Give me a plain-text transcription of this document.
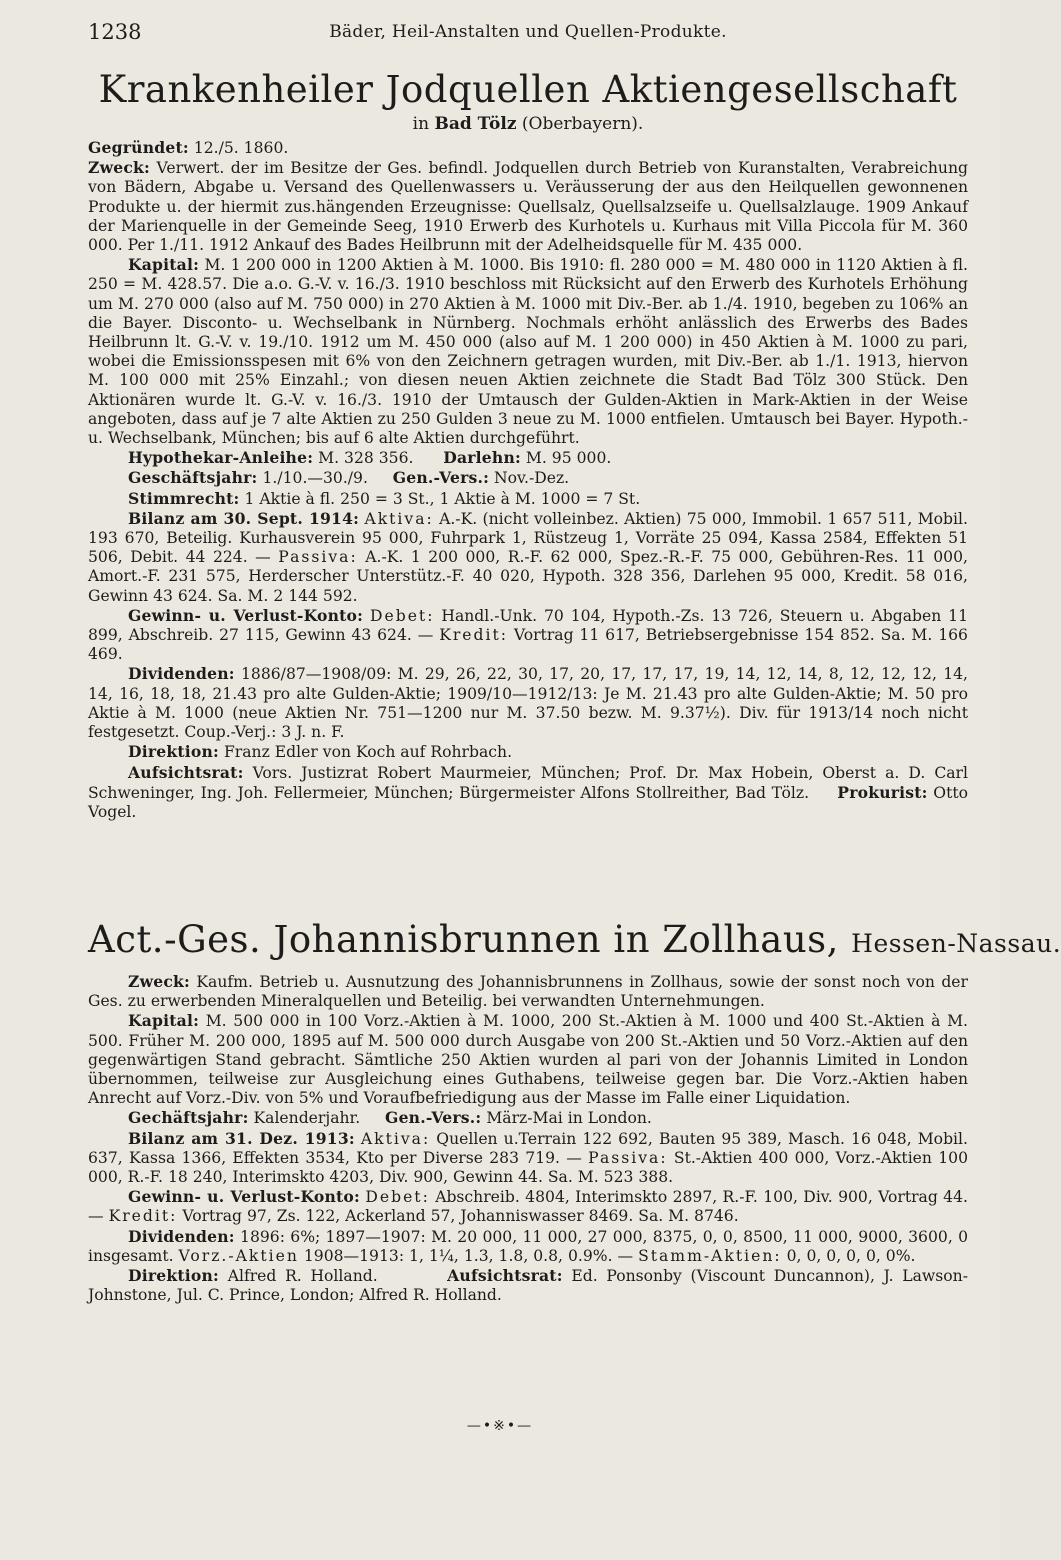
1238	Bäder, Heil-Anstalten und Quellen-Produkte.
Krankenheiler Jodquellen Aktiengesellschaft
in Bad Tölz (Oberbayern).

Gegründet: 12./5. 1860.

Zweck: Verwert. der im Besitze der Ges. befindl. Jodquellen durch Betrieb von Kuranstalten, Verabreichung von Bädern, Abgabe u. Versand des Quellenwassers u. Veräusserung der aus den Heilquellen gewonnenen Produkte u. der hiermit zus.hängenden Erzeugnisse: Quellsalz, Quellsalzseife u. Quellsalzlauge. 1909 Ankauf der Marienquelle in der Gemeinde Seeg, 1910 Erwerb des Kurhotels u. Kurhaus mit Villa Piccola für M. 360 000. Per 1./11. 1912 Ankauf des Bades Heilbrunn mit der Adelheidsquelle für M. 435 000.

Kapital: M. 1 200 000 in 1200 Aktien à M. 1000. Bis 1910: fl. 280 000 = M. 480 000 in 1120 Aktien à fl. 250 = M. 428.57. Die a.o. G.-V. v. 16./3. 1910 beschloss mit Rücksicht auf den Erwerb des Kurhotels Erhöhung um M. 270 000 (also auf M. 750 000) in 270 Aktien à M. 1000 mit Div.-Ber. ab 1./4. 1910, begeben zu 106% an die Bayer. Disconto- u. Wechselbank in Nürnberg. Nochmals erhöht anlässlich des Erwerbs des Bades Heilbrunn lt. G.-V. v. 19./10. 1912 um M. 450 000 (also auf M. 1 200 000) in 450 Aktien à M. 1000 zu pari, wobei die Emissionsspesen mit 6% von den Zeichnern getragen wurden, mit Div.-Ber. ab 1./1. 1913, hiervon M. 100 000 mit 25% Einzahl.; von diesen neuen Aktien zeichnete die Stadt Bad Tölz 300 Stück. Den Aktionären wurde lt. G.-V. v. 16./3. 1910 der Umtausch der Gulden-Aktien in Mark-Aktien in der Weise angeboten, dass auf je 7 alte Aktien zu 250 Gulden 3 neue zu M. 1000 entfielen. Umtausch bei Bayer. Hypoth.- u. Wechselbank, München; bis auf 6 alte Aktien durchgeführt.

Hypothekar-Anleihe: M. 328 356. Darlehn: M. 95 000.

Geschäftsjahr: 1./10.—30./9. Gen.-Vers.: Nov.-Dez.

Stimmrecht: 1 Aktie à fl. 250 = 3 St., 1 Aktie à M. 1000 = 7 St.

Bilanz am 30. Sept. 1914: Aktiva: A.-K. (nicht volleinbez. Aktien) 75 000, Immobil. 1 657 511, Mobil. 193 670, Beteilig. Kurhausverein 95 000, Fuhrpark 1, Rüstzeug 1, Vorräte 25 094, Kassa 2584, Effekten 51 506, Debit. 44 224. — Passiva: A.-K. 1 200 000, R.-F. 62 000, Spez.-R.-F. 75 000, Gebühren-Res. 11 000, Amort.-F. 231 575, Herderscher Unterstütz.-F. 40 020, Hypoth. 328 356, Darlehen 95 000, Kredit. 58 016, Gewinn 43 624. Sa. M. 2 144 592.

Gewinn- u. Verlust-Konto: Debet: Handl.-Unk. 70 104, Hypoth.-Zs. 13 726, Steuern u. Abgaben 11 899, Abschreib. 27 115, Gewinn 43 624. — Kredit: Vortrag 11 617, Betriebsergebnisse 154 852. Sa. M. 166 469.

Dividenden: 1886/87—1908/09: M. 29, 26, 22, 30, 17, 20, 17, 17, 17, 19, 14, 12, 14, 8, 12, 12, 12, 14, 14, 16, 18, 18, 21.43 pro alte Gulden-Aktie; 1909/10—1912/13: Je M. 21.43 pro alte Gulden-Aktie; M. 50 pro Aktie à M. 1000 (neue Aktien Nr. 751—1200 nur M. 37.50 bezw. M. 9.37½). Div. für 1913/14 noch nicht festgesetzt. Coup.-Verj.: 3 J. n. F.

Direktion: Franz Edler von Koch auf Rohrbach.

Aufsichtsrat: Vors. Justizrat Robert Maurmeier, München; Prof. Dr. Max Hobein, Oberst a. D. Carl Schweninger, Ing. Joh. Fellermeier, München; Bürgermeister Alfons Stollreither, Bad Tölz. Prokurist: Otto Vogel.

Act.-Ges. Johannisbrunnen in Zollhaus, Hessen-Nassau.

Zweck: Kaufm. Betrieb u. Ausnutzung des Johannisbrunnens in Zollhaus, sowie der sonst noch von der Ges. zu erwerbenden Mineralquellen und Beteilig. bei verwandten Unternehmungen.

Kapital: M. 500 000 in 100 Vorz.-Aktien à M. 1000, 200 St.-Aktien à M. 1000 und 400 St.-Aktien à M. 500. Früher M. 200 000, 1895 auf M. 500 000 durch Ausgabe von 200 St.-Aktien und 50 Vorz.-Aktien auf den gegenwärtigen Stand gebracht. Sämtliche 250 Aktien wurden al pari von der Johannis Limited in London übernommen, teilweise zur Ausgleichung eines Guthabens, teilweise gegen bar. Die Vorz.-Aktien haben Anrecht auf Vorz.-Div. von 5% und Voraufbefriedigung aus der Masse im Falle einer Liquidation.

Gechäftsjahr: Kalenderjahr. Gen.-Vers.: März-Mai in London.

Bilanz am 31. Dez. 1913: Aktiva: Quellen u.Terrain 122 692, Bauten 95 389, Masch. 16 048, Mobil. 637, Kassa 1366, Effekten 3534, Kto per Diverse 283 719. — Passiva: St.-Aktien 400 000, Vorz.-Aktien 100 000, R.-F. 18 240, Interimskto 4203, Div. 900, Gewinn 44. Sa. M. 523 388.

Gewinn- u. Verlust-Konto: Debet: Abschreib. 4804, Interimskto 2897, R.-F. 100, Div. 900, Vortrag 44. — Kredit: Vortrag 97, Zs. 122, Ackerland 57, Johanniswasser 8469. Sa. M. 8746.

Dividenden: 1896: 6%; 1897—1907: M. 20 000, 11 000, 27 000, 8375, 0, 0, 8500, 11 000, 9000, 3600, 0 insgesamt. Vorz.-Aktien 1908—1913: 1, 1¼, 1.3, 1.8, 0.8, 0.9%. — Stamm-Aktien: 0, 0, 0, 0, 0, 0%.

Direktion: Alfred R. Holland.	Aufsichtsrat: Ed. Ponsonby (Viscount Duncannon), J. Lawson-Johnstone, Jul. C. Prince, London; Alfred R. Holland.

—•※•—
